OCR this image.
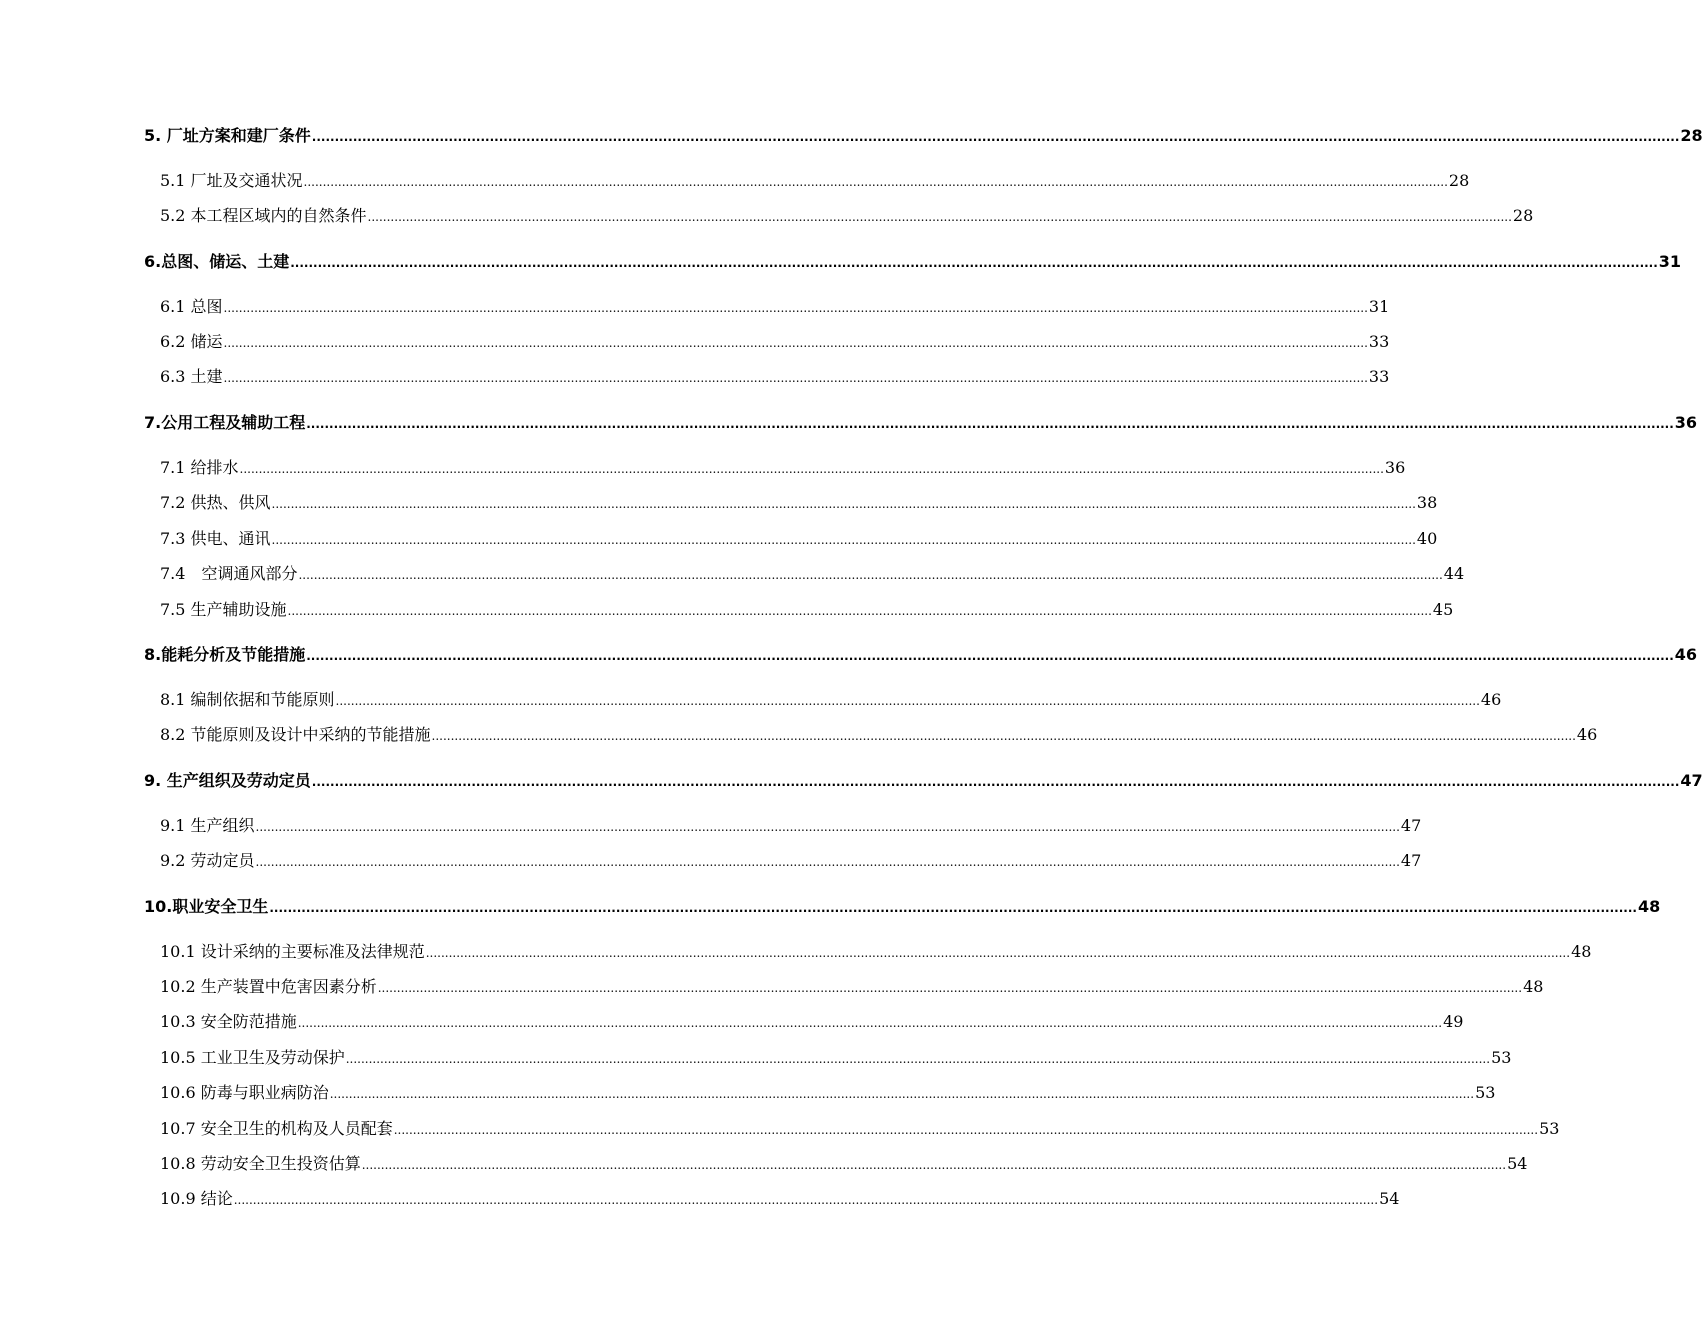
5. 厂址方案和建厂条件 ............................................................................................................................................................................................................................................................................................................ 28
5.1 厂址及交通状况 ............................................................................................................................................................................................................................................................................................................ 28
5.2 本工程区域内的自然条件 ............................................................................................................................................................................................................................................................................................................ 28
6.总图、储运、土建 ............................................................................................................................................................................................................................................................................................................ 31
6.1 总图 ............................................................................................................................................................................................................................................................................................................ 31
6.2 储运 ............................................................................................................................................................................................................................................................................................................ 33
6.3 土建 ............................................................................................................................................................................................................................................................................................................ 33
7.公用工程及辅助工程 ............................................................................................................................................................................................................................................................................................................ 36
7.1 给排水 ............................................................................................................................................................................................................................................................................................................ 36
7.2 供热、供风 ............................................................................................................................................................................................................................................................................................................ 38
7.3 供电、通讯 ............................................................................................................................................................................................................................................................................................................ 40
7.4　空调通风部分 ............................................................................................................................................................................................................................................................................................................ 44
7.5 生产辅助设施 ............................................................................................................................................................................................................................................................................................................ 45
8.能耗分析及节能措施 ............................................................................................................................................................................................................................................................................................................ 46
8.1 编制依据和节能原则 ............................................................................................................................................................................................................................................................................................................ 46
8.2 节能原则及设计中采纳的节能措施 ............................................................................................................................................................................................................................................................................................................ 46
9. 生产组织及劳动定员 ............................................................................................................................................................................................................................................................................................................ 47
9.1 生产组织 ............................................................................................................................................................................................................................................................................................................ 47
9.2 劳动定员 ............................................................................................................................................................................................................................................................................................................ 47
10.职业安全卫生 ............................................................................................................................................................................................................................................................................................................ 48
10.1 设计采纳的主要标准及法律规范 ............................................................................................................................................................................................................................................................................................................ 48
10.2 生产装置中危害因素分析 ............................................................................................................................................................................................................................................................................................................ 48
10.3 安全防范措施 ............................................................................................................................................................................................................................................................................................................ 49
10.5 工业卫生及劳动保护 ............................................................................................................................................................................................................................................................................................................ 53
10.6 防毒与职业病防治 ............................................................................................................................................................................................................................................................................................................ 53
10.7 安全卫生的机构及人员配套 ............................................................................................................................................................................................................................................................................................................ 53
10.8 劳动安全卫生投资估算 ............................................................................................................................................................................................................................................................................................................ 54
10.9 结论 ............................................................................................................................................................................................................................................................................................................ 54
